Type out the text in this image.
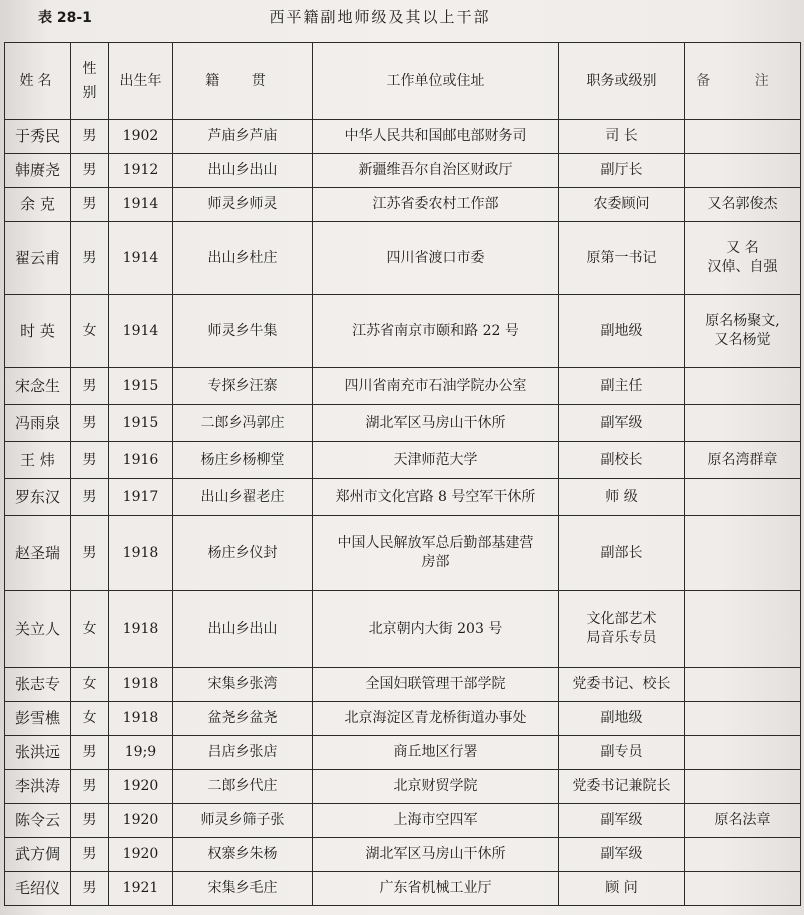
表 28-1	西平籍副地师级及其以上干部
姓名	性别	出生年	籍 贯	工作单位或住址	职务或级别	备 注
于秀民	男	1902	芦庙乡芦庙	中华人民共和国邮电部财务司	司 长	
韩赓尧	男	1912	出山乡出山	新疆维吾尔自治区财政厅	副厅长	
余 克	男	1914	师灵乡师灵	江苏省委农村工作部	农委顾问	又名郭俊杰
翟云甫	男	1914	出山乡杜庄	四川省渡口市委	原第一书记	又 名
汉倬、自强
时 英	女	1914	师灵乡牛集	江苏省南京市颐和路 22 号	副地级	原名杨聚文,
又名杨觉
宋念生	男	1915	专探乡汪寨	四川省南充市石油学院办公室	副主任	
冯雨泉	男	1915	二郎乡冯郭庄	湖北军区马房山干休所	副军级	
王 炜	男	1916	杨庄乡杨柳堂	天津师范大学	副校长	原名湾群章
罗东汉	男	1917	出山乡翟老庄	郑州市文化宫路 8 号空军干休所	师 级	
赵圣瑞	男	1918	杨庄乡仪封	中国人民解放军总后勤部基建营
房部	副部长	
关立人	女	1918	出山乡出山	北京朝内大街 203 号	文化部艺术
局音乐专员	
张志专	女	1918	宋集乡张湾	全国妇联管理干部学院	党委书记、校长	
彭雪樵	女	1918	盆尧乡盆尧	北京海淀区青龙桥街道办事处	副地级	
张洪远	男	19;9	吕店乡张店	商丘地区行署	副专员	
李洪涛	男	1920	二郎乡代庄	北京财贸学院	党委书记兼院长	
陈令云	男	1920	师灵乡筛子张	上海市空四军	副军级	原名法章
武方倜	男	1920	权寨乡朱杨	湖北军区马房山干休所	副军级	
毛绍仪	男	1921	宋集乡毛庄	广东省机械工业厅	顾 问	
